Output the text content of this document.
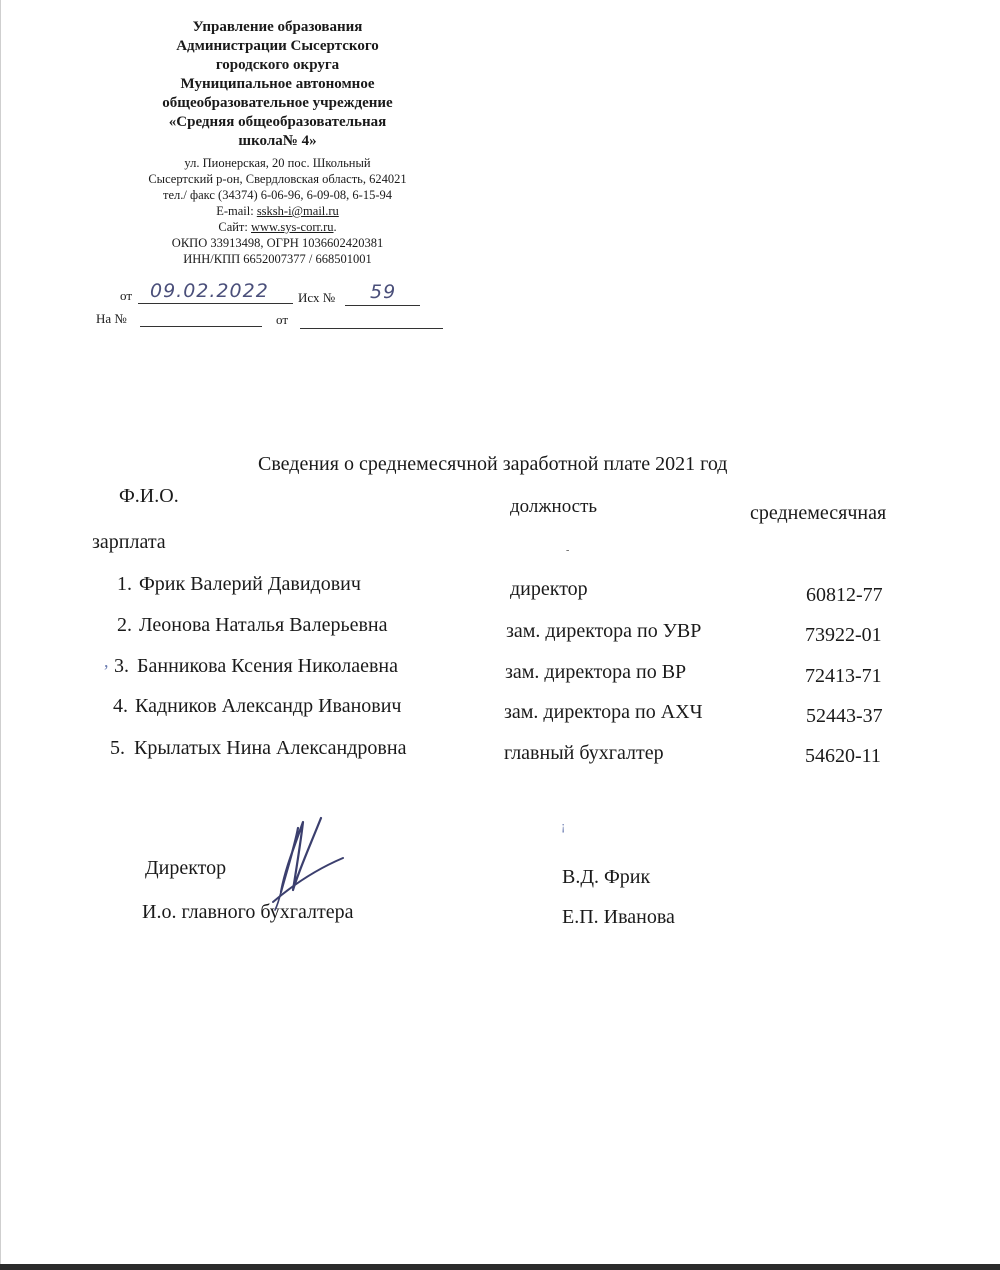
Управление образования
Администрации Сысертского
городского округа
Муниципальное автономное
общеобразовательное учреждение
«Средняя общеобразовательная
школа№ 4»
ул. Пионерская, 20 пос. Школьный
Сысертский р-он, Свердловская область, 624021
тел./ факс (34374) 6-06-96, 6-09-08, 6-15-94
E-mail: ssksh-i@mail.ru
Сайт: www.sys-corr.ru.
ОКПО 33913498, ОГРН 1036602420381
ИНН/КПП 6652007377 / 668501001
от 09.02.2022 Исх № 59
На №	от
Сведения о среднемесячной заработной плате 2021 год
Ф.И.О.	должность	среднемесячная
зарплата	-
1. Фрик Валерий Давидович	директор	60812-77
2. Леонова Наталья Валерьевна	зам. директора по УВР	73922-01
3. Банникова Ксения Николаевна	зам. директора по ВР	72413-71
4. Кадников Александр Иванович	зам. директора по АХЧ	52443-37
5. Крылатых Нина Александровна	главный бухгалтер	54620-11
,
¡
Директор
И.о. главного бухгалтера
В.Д. Фрик
Е.П. Иванова
